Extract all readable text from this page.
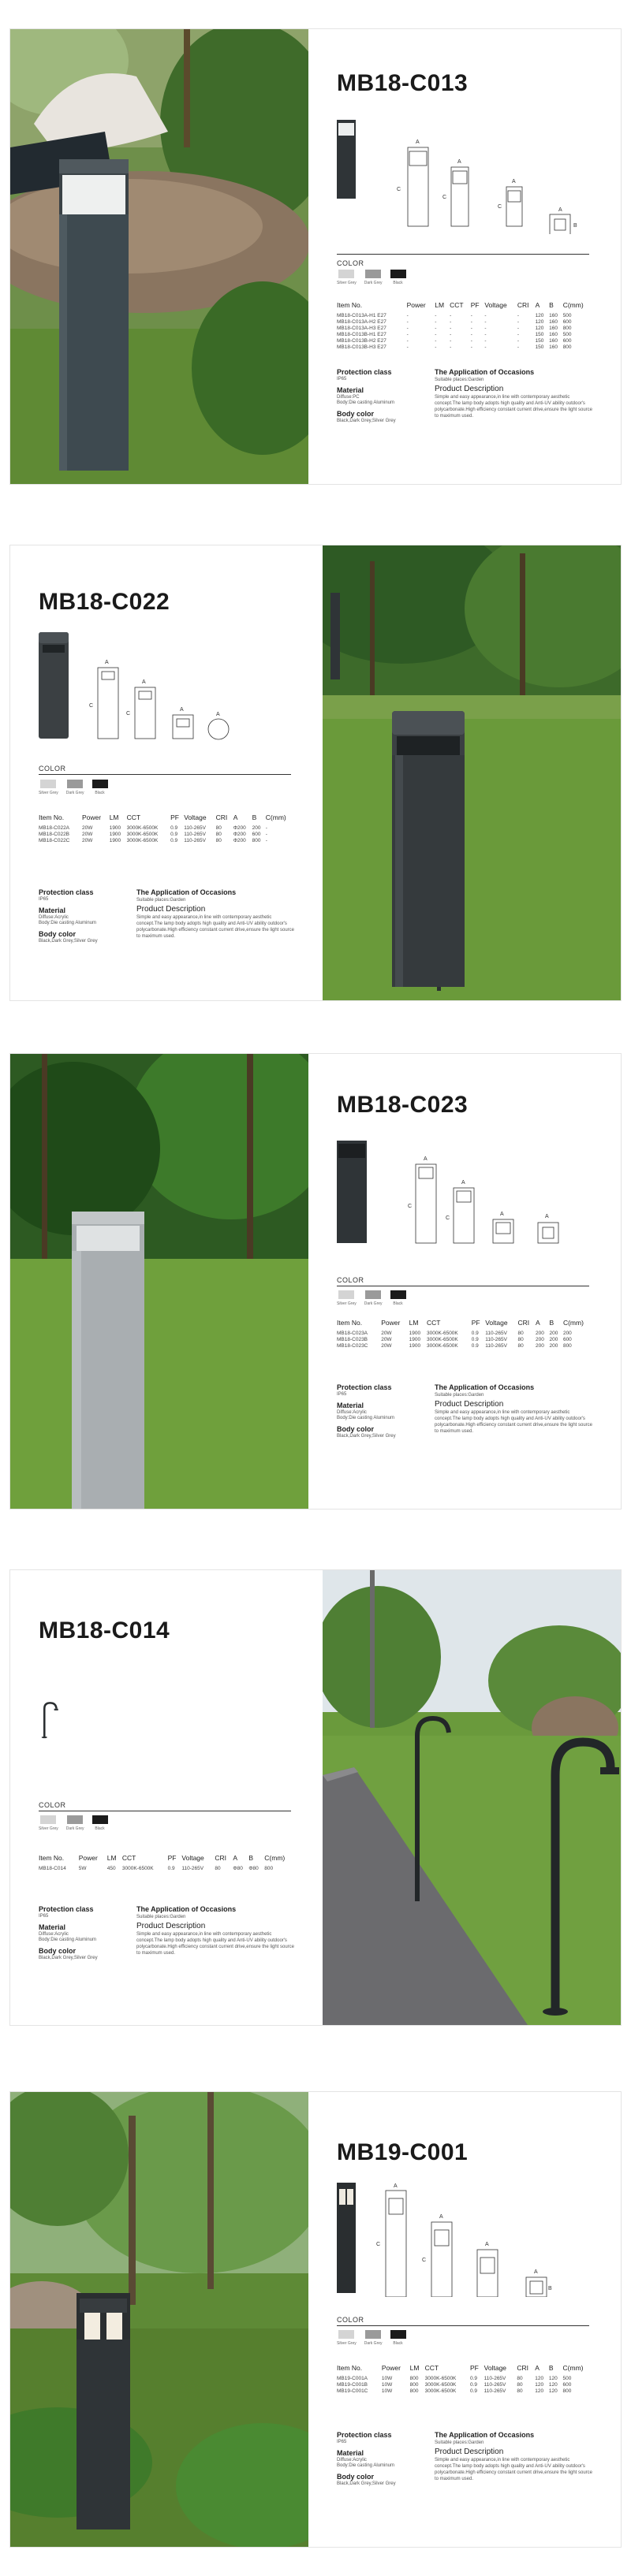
MB18-C013
A
C
A
C
A
C
B
A
COLOR
Silver Grey Dark Grey	Black
Item No.	Power	LM	CCT	PF	Voltage	CRI	A	B	C(mm)
MB18-C013A-H1 E27	-	-	-	-	-	-	120	160	500
MB18-C013A-H2 E27	-	-	-	-	-	-	120	160	600
MB18-C013A-H3 E27	-	-	-	-	-	-	120	160	800
MB18-C013B-H1 E27	-	-	-	-	-	-	150	160	500
MB18-C013B-H2 E27	-	-	-	-	-	-	150	160	600
MB18-C013B-H3 E27	-	-	-	-	-	-	150	160	800
Protection class
IP65
Material
Diffuse:PC
Body:Die casting Aluminum
Body color
Black,Dark Grey,Silver Grey
The Application of Occasions
Suitable places:Garden
Product Description
Simple and easy appearance,in line with contemporary aesthetic concept.The lamp body adopts high quality and Anti-UV ability outdoor's polycarbonate.High efficiency constant current drive,ensure the light source to maximum used.
MB18-C022
A
C
A
C
A
A
COLOR
Silver Grey Dark Grey	Black
Item No.	Power	LM	CCT	PF	Voltage	CRI	A	B	C(mm)
MB18-C022A	20W	1900	3000K-6500K	0.9	110-265V	80	Φ200	200	-
MB18-C022B	20W	1900	3000K-6500K	0.9	110-265V	80	Φ200	600	-
MB18-C022C	20W	1900	3000K-6500K	0.9	110-265V	80	Φ200	800	-
Protection class
IP65
Material
Diffuse:Acrylic
Body:Die casting Aluminum
Body color
Black,Dark Grey,Silver Grey
The Application of Occasions
Suitable places:Garden
Product Description
Simple and easy appearance,in line with contemporary aesthetic concept.The lamp body adopts high quality and Anti-UV ability outdoor's polycarbonate.High efficiency constant current drive,ensure the light source to maximum used.
MB18-C023
A
C
A
C
A	A
COLOR
Silver Grey Dark Grey	Black
Item No.	Power	LM	CCT	PF	Voltage	CRI	A	B	C(mm)
MB18-C023A	20W	1900	3000K-6500K	0.9	110-265V	80	200	200	200
MB18-C023B	20W	1900	3000K-6500K	0.9	110-265V	80	200	200	600
MB18-C023C	20W	1900	3000K-6500K	0.9	110-265V	80	200	200	800
Protection class
IP65
Material
Diffuse:Acrylic
Body:Die casting Aluminum
Body color
Black,Dark Grey,Silver Grey
The Application of Occasions
Suitable places:Garden
Product Description
Simple and easy appearance,in line with contemporary aesthetic concept.The lamp body adopts high quality and Anti-UV ability outdoor's polycarbonate.High efficiency constant current drive,ensure the light source to maximum used.
MB18-C014
COLOR
Silver Grey Dark Grey	Black
Item No.	Power	LM	CCT	PF	Voltage	CRI	A	B	C(mm)
MB18-C014	5W	450	3000K-6500K	0.9	110-265V	80	Φ80	Φ80	800
Protection class
IP65
Material
Diffuse:Acrylic
Body:Die casting Aluminum
Body color
Black,Dark Grey,Silver Grey
The Application of Occasions
Suitable places:Garden
Product Description
Simple and easy appearance,in line with contemporary aesthetic concept.The lamp body adopts high quality and Anti-UV ability outdoor's polycarbonate.High efficiency constant current drive,ensure the light source to maximum used.
MB19-C001
A
C
A
C
A
B
A
COLOR
Silver Grey Dark Grey	Black
Item No.	Power	LM	CCT	PF	Voltage	CRI	A	B	C(mm)
MB19-C001A	10W	800	3000K-6500K	0.9	110-265V	80	120	120	500
MB19-C001B	10W	800	3000K-6500K	0.9	110-265V	80	120	120	600
MB19-C001C	10W	800	3000K-6500K	0.9	110-265V	80	120	120	800
Protection class
IP65
Material
Diffuse:Acrylic
Body:Die casting Aluminum
Body color
Black,Dark Grey,Silver Grey
The Application of Occasions
Suitable places:Garden
Product Description
Simple and easy appearance,in line with contemporary aesthetic concept.The lamp body adopts high quality and Anti-UV ability outdoor's polycarbonate.High efficiency constant current drive,ensure the light source to maximum used.
